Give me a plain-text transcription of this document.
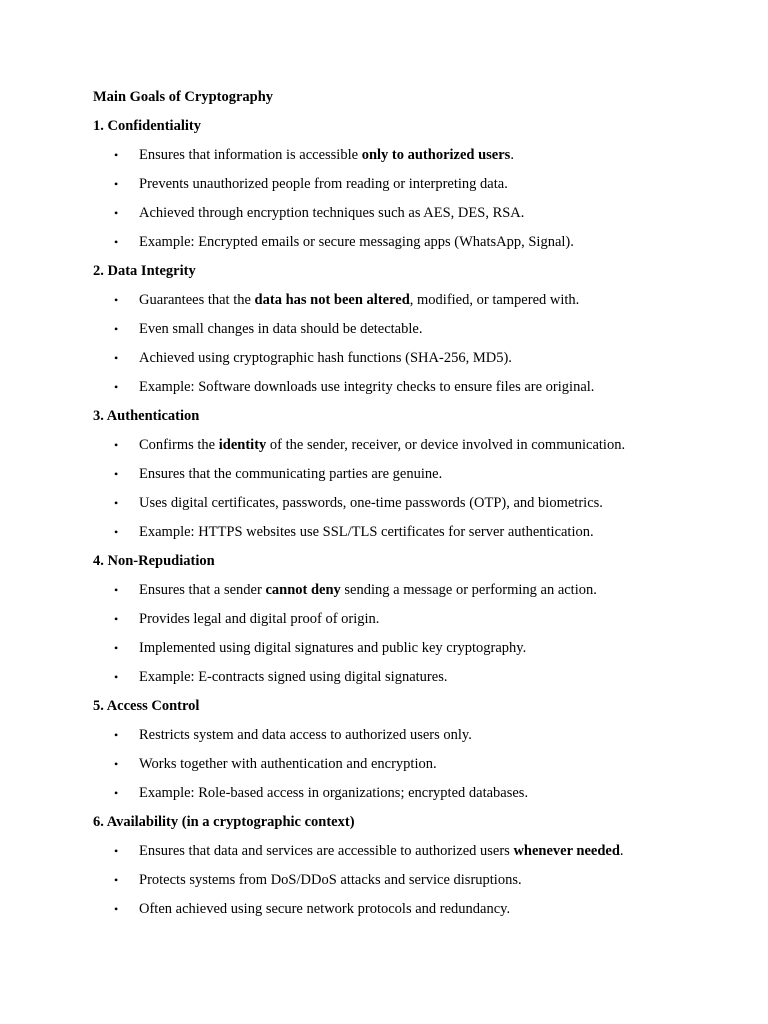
Main Goals of Cryptography
1. Confidentiality
• Ensures that information is accessible only to authorized users.
• Prevents unauthorized people from reading or interpreting data.
• Achieved through encryption techniques such as AES, DES, RSA.
• Example: Encrypted emails or secure messaging apps (WhatsApp, Signal).
2. Data Integrity
• Guarantees that the data has not been altered, modified, or tampered with.
• Even small changes in data should be detectable.
• Achieved using cryptographic hash functions (SHA-256, MD5).
• Example: Software downloads use integrity checks to ensure files are original.
3. Authentication
• Confirms the identity of the sender, receiver, or device involved in communication.
• Ensures that the communicating parties are genuine.
• Uses digital certificates, passwords, one-time passwords (OTP), and biometrics.
• Example: HTTPS websites use SSL/TLS certificates for server authentication.
4. Non-Repudiation
• Ensures that a sender cannot deny sending a message or performing an action.
• Provides legal and digital proof of origin.
• Implemented using digital signatures and public key cryptography.
• Example: E-contracts signed using digital signatures.
5. Access Control
• Restricts system and data access to authorized users only.
• Works together with authentication and encryption.
• Example: Role-based access in organizations; encrypted databases.
6. Availability (in a cryptographic context)
• Ensures that data and services are accessible to authorized users whenever needed.
• Protects systems from DoS/DDoS attacks and service disruptions.
• Often achieved using secure network protocols and redundancy.
